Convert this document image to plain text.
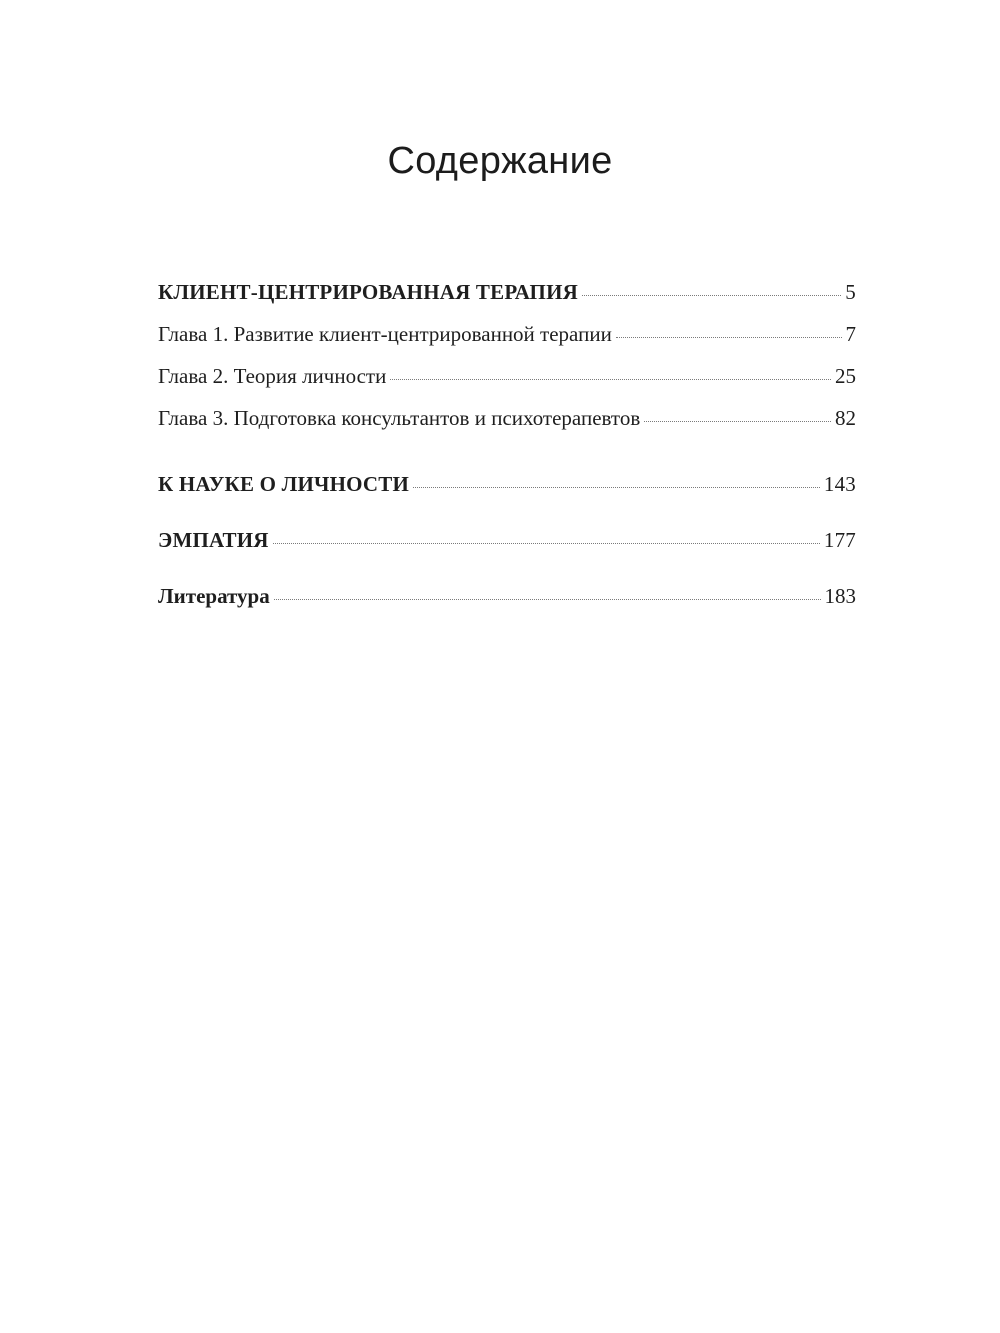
Содержание
КЛИЕНТ-ЦЕНТРИРОВАННАЯ ТЕРАПИЯ	5
Глава 1. Развитие клиент-центрированной терапии	7
Глава 2. Теория личности	25
Глава 3. Подготовка консультантов и психотерапевтов	82
К НАУКЕ О ЛИЧНОСТИ	143
ЭМПАТИЯ	177
Литература	183
